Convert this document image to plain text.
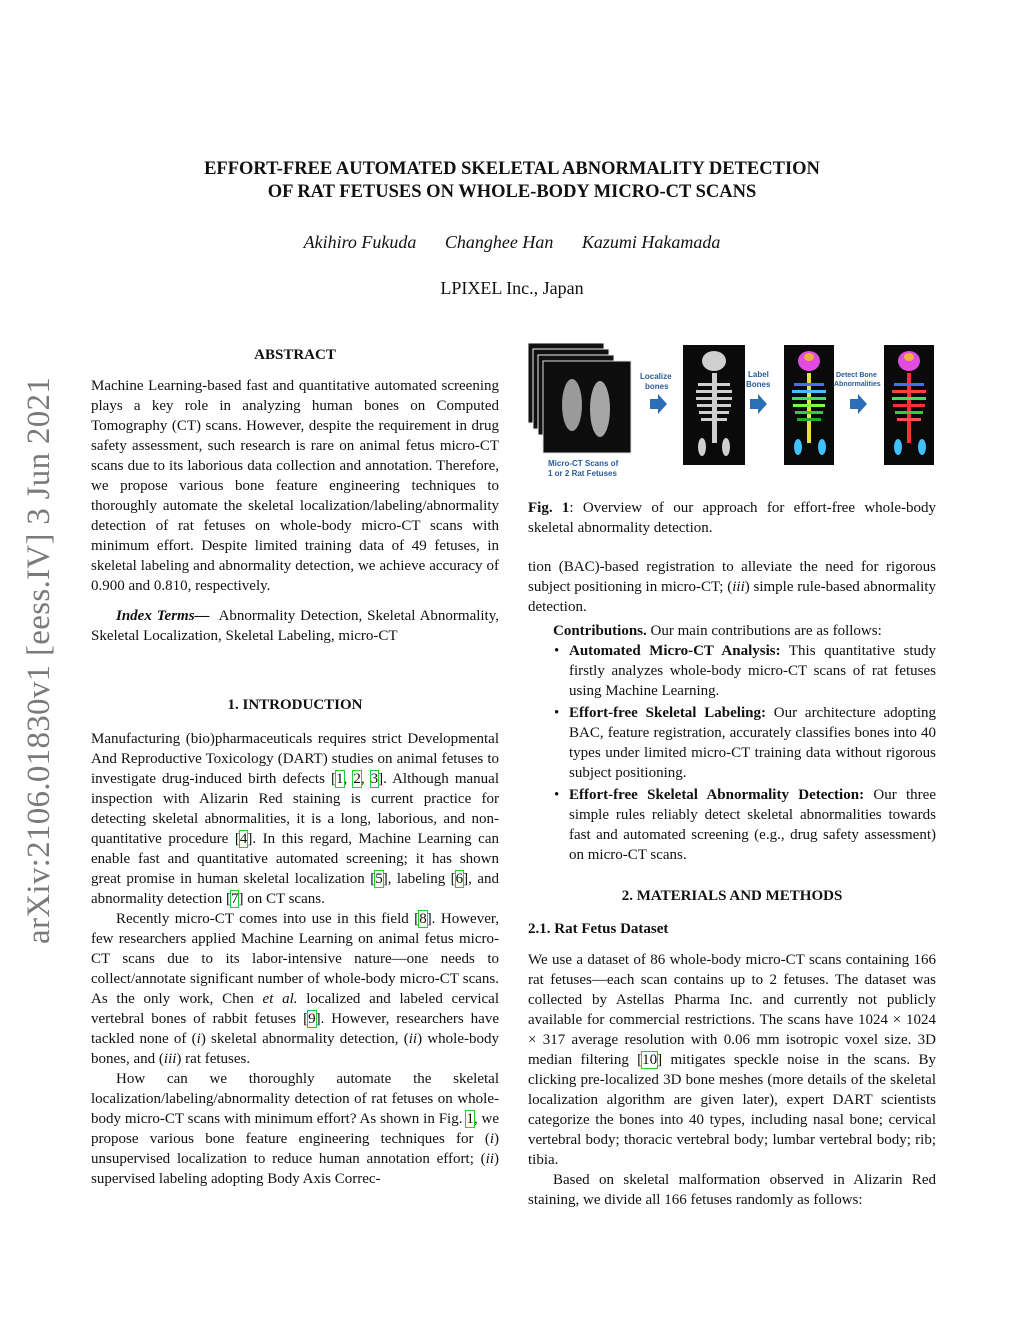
arXiv:2106.01830v1 [eess.IV] 3 Jun 2021
EFFORT-FREE AUTOMATED SKELETAL ABNORMALITY DETECTION
OF RAT FETUSES ON WHOLE-BODY MICRO-CT SCANS
Akihiro Fukuda Changhee Han Kazumi Hakamada
LPIXEL Inc., Japan
ABSTRACT

Machine Learning-based fast and quantitative automated screening plays a key role in analyzing human bones on Computed Tomography (CT) scans. However, despite the requirement in drug safety assessment, such research is rare on animal fetus micro-CT scans due to its laborious data collection and annotation. Therefore, we propose various bone feature engineering techniques to thoroughly automate the skeletal localization/labeling/abnormality detection of rat fetuses on whole-body micro-CT scans with minimum effort. Despite limited training data of 49 fetuses, in skeletal labeling and abnormality detection, we achieve accuracy of 0.900 and 0.810, respectively.

Index Terms— Abnormality Detection, Skeletal Abnormality, Skeletal Localization, Skeletal Labeling, micro-CT

1. INTRODUCTION

Manufacturing (bio)pharmaceuticals requires strict Developmental And Reproductive Toxicology (DART) studies on animal fetuses to investigate drug-induced birth defects [1, 2, 3]. Although manual inspection with Alizarin Red staining is current practice for detecting skeletal abnormalities, it is a long, laborious, and non-quantitative procedure [4]. In this regard, Machine Learning can enable fast and quantitative automated screening; it has shown great promise in human skeletal localization [5], labeling [6], and abnormality detection [7] on CT scans.

Recently micro-CT comes into use in this field [8]. However, few researchers applied Machine Learning on animal fetus micro-CT scans due to its labor-intensive nature—one needs to collect/annotate significant number of whole-body micro-CT scans. As the only work, Chen et al. localized and labeled cervical vertebral bones of rabbit fetuses [9]. However, researchers have tackled none of (i) skeletal abnormality detection, (ii) whole-body bones, and (iii) rat fetuses.

How can we thoroughly automate the skeletal localization/labeling/abnormality detection of rat fetuses on whole-body micro-CT scans with minimum effort? As shown in Fig. 1, we propose various bone feature engineering techniques for (i) unsupervised localization to reduce human annotation effort; (ii) supervised labeling adopting Body Axis Correc-

Micro-CT Scans of
1 or 2 Rat Fetuses
Localize
bones
Label
Bones
Detect Bone
Abnormalities
Fig. 1: Overview of our approach for effort-free whole-body skeletal abnormality detection.

tion (BAC)-based registration to alleviate the need for rigorous subject positioning in micro-CT; (iii) simple rule-based abnormality detection.

Contributions. Our main contributions are as follows:

• Automated Micro-CT Analysis: This quantitative study firstly analyzes whole-body micro-CT scans of rat fetuses using Machine Learning.
• Effort-free Skeletal Labeling: Our architecture adopting BAC, feature registration, accurately classifies bones into 40 types under limited micro-CT training data without rigorous subject positioning.
• Effort-free Skeletal Abnormality Detection: Our three simple rules reliably detect skeletal abnormalities towards fast and automated screening (e.g., drug safety assessment) on micro-CT scans.
2. MATERIALS AND METHODS
2.1. Rat Fetus Dataset

We use a dataset of 86 whole-body micro-CT scans containing 166 rat fetuses—each scan contains up to 2 fetuses. The dataset was collected by Astellas Pharma Inc. and currently not publicly available for commercial restrictions. The scans have 1024 × 1024 × 317 average resolution with 0.06 mm isotropic voxel size. 3D median filtering [10] mitigates speckle noise in the scans. By clicking pre-localized 3D bone meshes (more details of the skeletal localization algorithm are given later), expert DART scientists categorize the bones into 40 types, including nasal bone; cervical vertebral body; thoracic vertebral body; lumbar vertebral body; rib; tibia.

Based on skeletal malformation observed in Alizarin Red staining, we divide all 166 fetuses randomly as follows:
